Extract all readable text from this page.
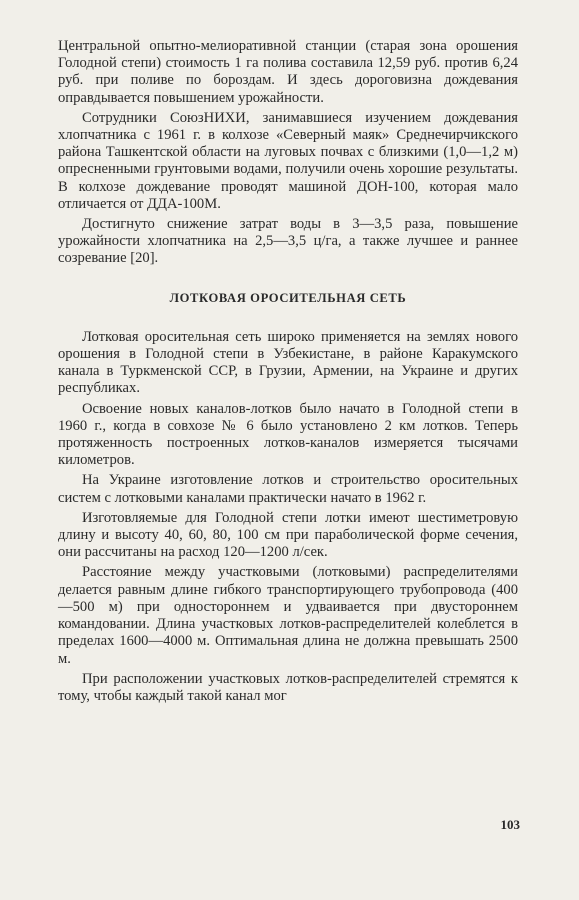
Центральной опытно-мелиоративной станции (старая зона орошения Голодной степи) стоимость 1 га полива составила 12,59 руб. против 6,24 руб. при поливе по бороздам. И здесь дороговизна дождевания оправдывается повышением урожайности.

Сотрудники СоюзНИХИ, занимавшиеся изучением дождевания хлопчатника с 1961 г. в колхозе «Северный маяк» Среднечирчикского района Ташкентской области на луговых почвах с близкими (1,0—1,2 м) опресненными грунтовыми водами, получили очень хорошие результаты. В колхозе дождевание проводят машиной ДОН-100, которая мало отличается от ДДА-100М.

Достигнуто снижение затрат воды в 3—3,5 раза, повышение урожайности хлопчатника на 2,5—3,5 ц/га, а также лучшее и раннее созревание [20].

ЛОТКОВАЯ ОРОСИТЕЛЬНАЯ СЕТЬ

Лотковая оросительная сеть широко применяется на землях нового орошения в Голодной степи в Узбекистане, в районе Каракумского канала в Туркменской ССР, в Грузии, Армении, на Украине и других республиках.

Освоение новых каналов-лотков было начато в Голодной степи в 1960 г., когда в совхозе № 6 было установлено 2 км лотков. Теперь протяженность построенных лотков-каналов измеряется тысячами километров.

На Украине изготовление лотков и строительство оросительных систем с лотковыми каналами практически начато в 1962 г.

Изготовляемые для Голодной степи лотки имеют шестиметровую длину и высоту 40, 60, 80, 100 см при параболической форме сечения, они рассчитаны на расход 120—1200 л/сек.

Расстояние между участковыми (лотковыми) распределителями делается равным длине гибкого транспортирующего трубопровода (400—500 м) при одностороннем и удваивается при двустороннем командовании. Длина участковых лотков-распределителей колеблется в пределах 1600—4000 м. Оптимальная длина не должна превышать 2500 м.

При расположении участковых лотков-распределителей стремятся к тому, чтобы каждый такой канал мог

103
